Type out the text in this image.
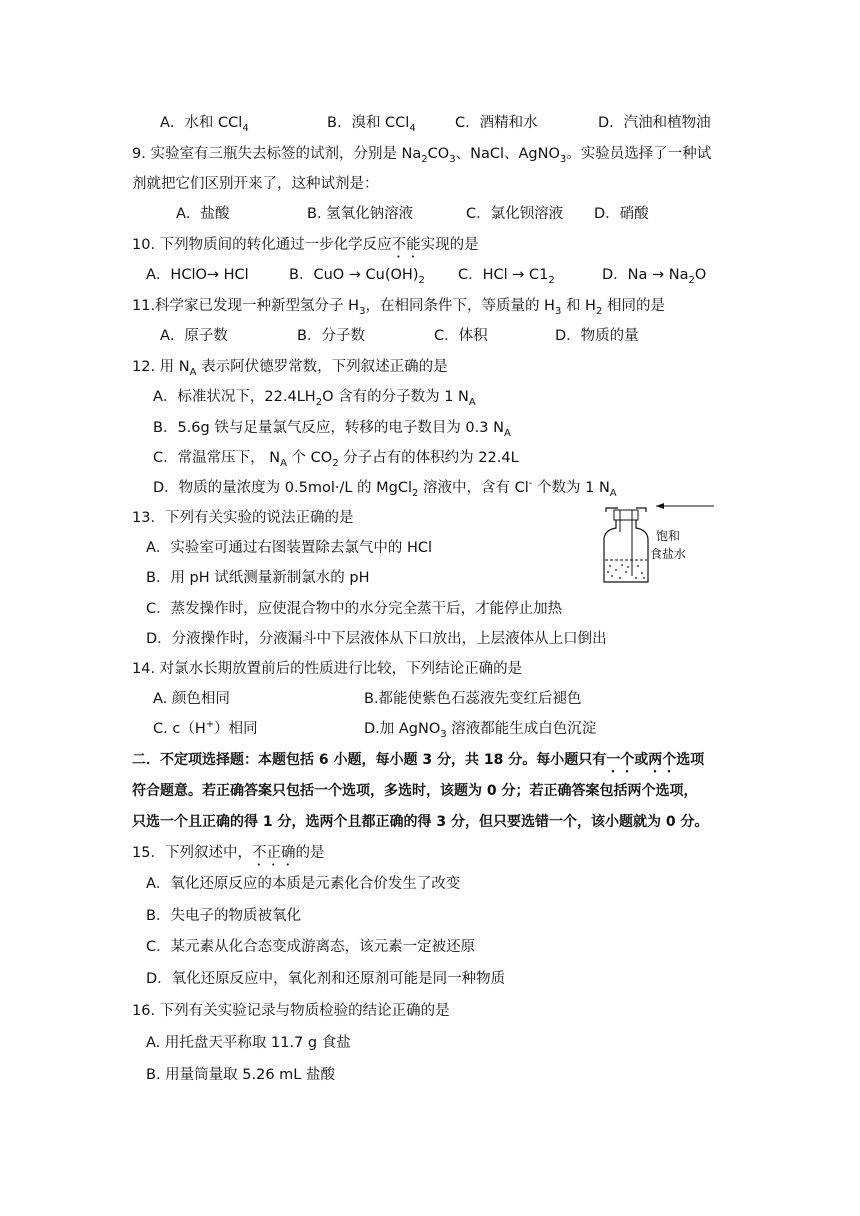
A．水和 CCl$_4$	B．溴和 CCl$_4$	C．酒精和水	D．汽油和植物油
9. 实验室有三瓶失去标签的试剂，分别是 $Na_2CO_3$、NaCl、AgNO$_3$。实验员选择了一种试
剂就把它们区别开来了，这种试剂是：
A．盐酸	B. 氢氧化钠溶液	C．氯化钡溶液 D．硝酸
10. 下列物质间的转化通过一步化学反应不能实现的是
A．HClO→ HCl	B．CuO → $Cu(OH)_2$ C．HCl → $C1_2$	D．$Na \to Na_2O$
11.科学家已发现一种新型氢分子 $H_3$，在相同条件下，等质量的 $H_3$ 和 $H_2$ 相同的是
A．原子数	B．分子数	C．体积	D．物质的量
12. 用 $N_A$ 表示阿伏德罗常数，下列叙述正确的是
A．标准状况下，$22.4LH_2O$ 含有的分子数为 1 $N_A$
B．5.6g 铁与足量氯气反应，转移的电子数目为 0.3 $N_A$
C．常温常压下， $N_A$ 个 $CO_2$ 分子占有的体积约为 22.4L
D．物质的量浓度为 0.5mol·/L 的 MgCl$_2$ 溶液中，含有 Cl- 个数为 1 $N_A$
13．下列有关实验的说法正确的是
A．实验室可通过右图装置除去氯气中的 HCl
B．用 pH 试纸测量新制氯水的 pH
C．蒸发操作时，应使混合物中的水分完全蒸干后，才能停止加热
D．分液操作时，分液漏斗中下层液体从下口放出，上层液体从上口倒出
饱和
食盐水
14. 对氯水长期放置前后的性质进行比较，下列结论正确的是
A. 颜色相同	B.都能使紫色石蕊液先变红后褪色
C. c（H+）相同	D.加 AgNO$_3$ 溶液都能生成白色沉淀
二．不定项选择题：本题包括 6 小题，每小题 3 分，共 18 分。每小题只有一个或两个选项
符合题意。若正确答案只包括一个选项，多选时，该题为 0 分；若正确答案包括两个选项，
只选一个且正确的得 1 分，选两个且都正确的得 3 分，但只要选错一个，该小题就为 0 分。
15．下列叙述中，不正确的是
A．氧化还原反应的本质是元素化合价发生了改变
B．失电子的物质被氧化
C．某元素从化合态变成游离态，该元素一定被还原
D．氧化还原反应中，氧化剂和还原剂可能是同一种物质
16. 下列有关实验记录与物质检验的结论正确的是
A. 用托盘天平称取 11.7 g 食盐
B. 用量筒量取 5.26 mL 盐酸
